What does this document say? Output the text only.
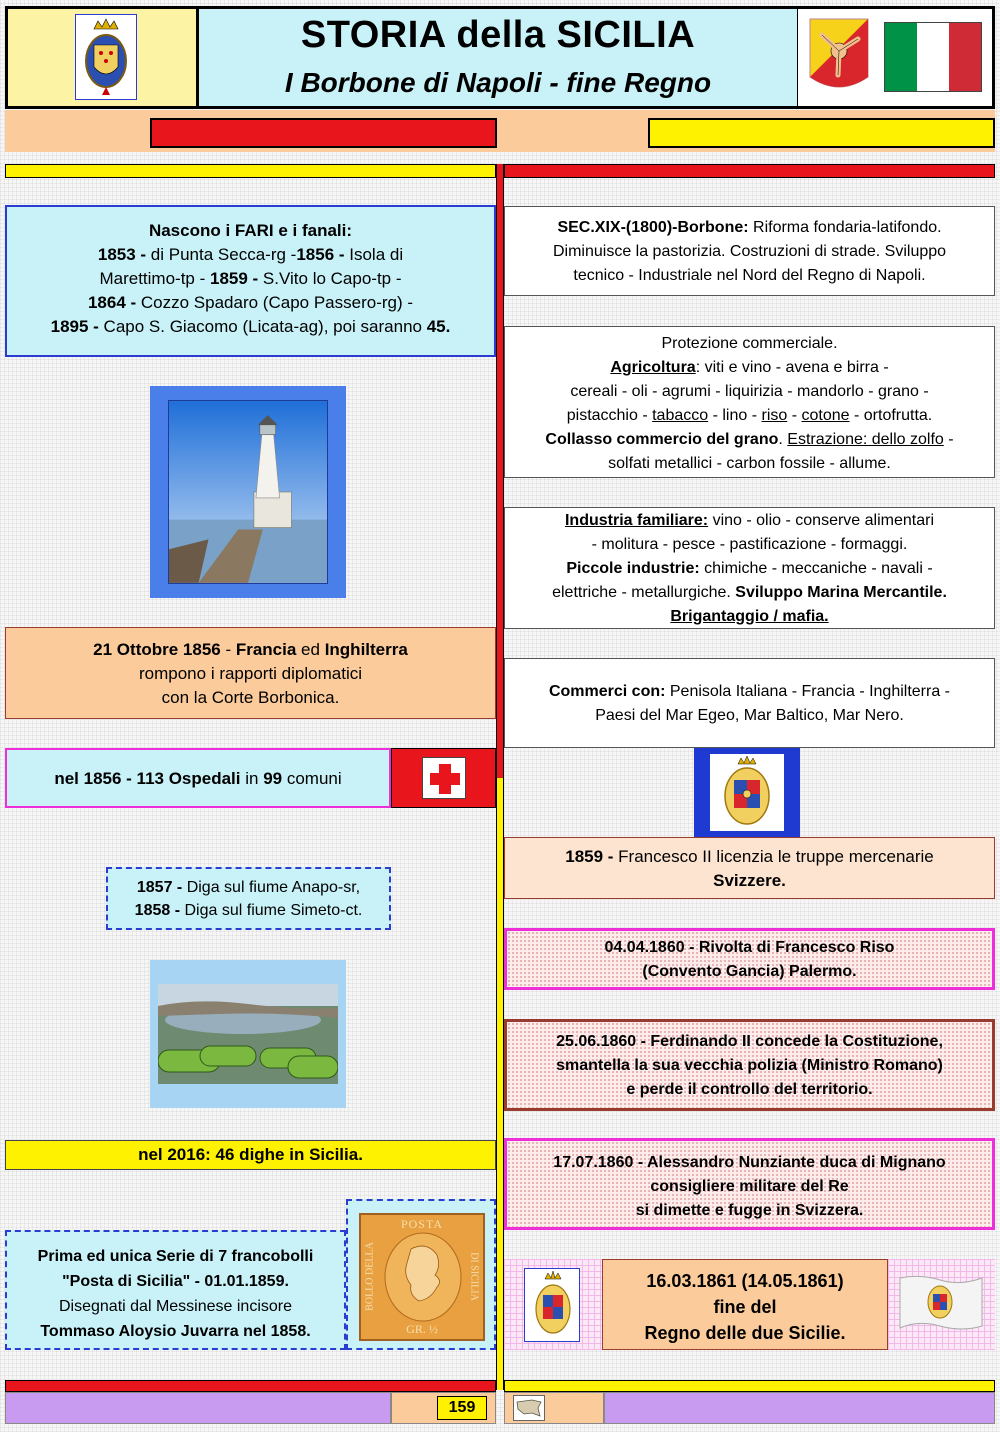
STORIA della SICILIA
I Borbone di Napoli - fine Regno
Nascono i FARI e i fanali:
1853 - di Punta Secca-rg -1856 - Isola di
Marettimo-tp - 1859 - S.Vito lo Capo-tp -
1864 - Cozzo Spadaro (Capo Passero-rg) -
1895 - Capo S. Giacomo (Licata-ag), poi saranno 45.
21 Ottobre 1856 - Francia ed Inghilterra
rompono i rapporti diplomatici
con la Corte Borbonica.
nel 1856 - 113 Ospedali in 99 comuni
1857 - Diga sul fiume Anapo-sr,
1858 - Diga sul fiume Simeto-ct.
nel 2016: 46 dighe in Sicilia.
Prima ed unica Serie di 7 francobolli
"Posta di Sicilia" - 01.01.1859.
Disegnati dal Messinese incisore
Tommaso Aloysio Juvarra nel 1858.
POSTA
BOLLO DELLA	DI SICILIA
GR. ½
159
SEC.XIX-(1800)-Borbone: Riforma fondaria-latifondo.
Diminuisce la pastorizia. Costruzioni di strade. Sviluppo
tecnico - Industriale nel Nord del Regno di Napoli.
Protezione commerciale.
Agricoltura: viti e vino - avena e birra -
cereali - oli - agrumi - liquirizia - mandorlo - grano -
pistacchio - tabacco - lino - riso - cotone - ortofrutta.
Collasso commercio del grano. Estrazione: dello zolfo -
solfati metallici - carbon fossile - allume.
Industria familiare: vino - olio - conserve alimentari
- molitura - pesce - pastificazione - formaggi.
Piccole industrie: chimiche - meccaniche - navali -
elettriche - metallurgiche. Sviluppo Marina Mercantile.
Brigantaggio / mafia.
Commerci con: Penisola Italiana - Francia - Inghilterra -
Paesi del Mar Egeo, Mar Baltico, Mar Nero.
1859 - Francesco II licenzia le truppe mercenarie
Svizzere.
04.04.1860 - Rivolta di Francesco Riso
(Convento Gancia) Palermo.
25.06.1860 - Ferdinando II concede la Costituzione,
smantella la sua vecchia polizia (Ministro Romano)
e perde il controllo del territorio.
17.07.1860 - Alessandro Nunziante duca di Mignano
consigliere militare del Re
si dimette e fugge in Svizzera.
16.03.1861 (14.05.1861)
fine del
Regno delle due Sicilie.
